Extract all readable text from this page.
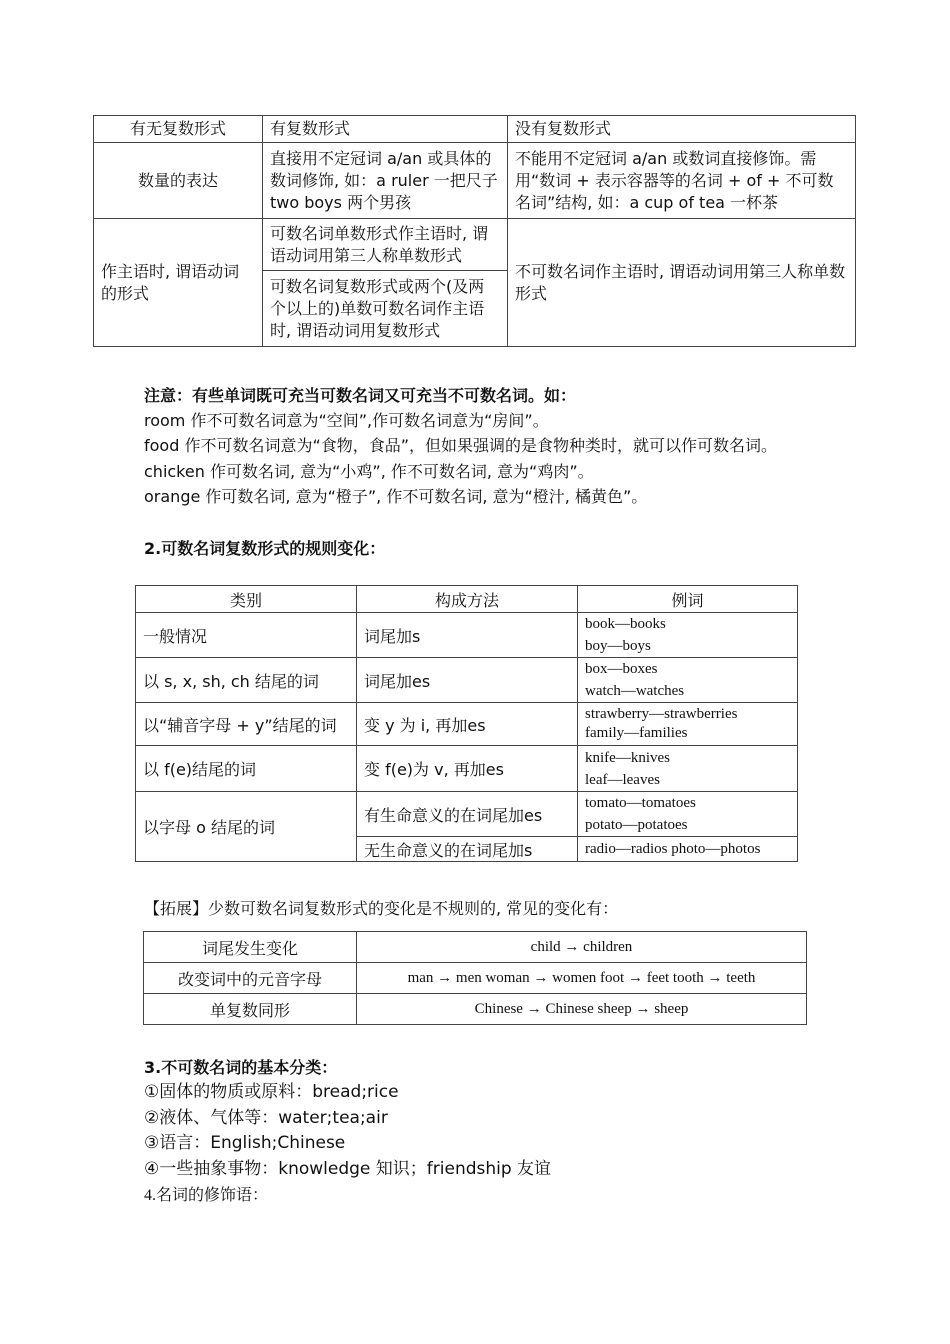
有无复数形式	有复数形式	没有复数形式
数量的表达	直接用不定冠词 a/an 或具体的数词修饰, 如：a ruler 一把尺子 two boys 两个男孩	不能用不定冠词 a/an 或数词直接修饰。需用“数词 + 表示容器等的名词 + of + 不可数名词”结构, 如：a cup of tea 一杯茶
作主语时, 谓语动词的形式	可数名词单数形式作主语时, 谓语动词用第三人称单数形式	不可数名词作主语时, 谓语动词用第三人称单数形式
	可数名词复数形式或两个(及两个以上的)单数可数名词作主语时, 谓语动词用复数形式	
注意：有些单词既可充当可数名词又可充当不可数名词。如：
room 作不可数名词意为“空间”,作可数名词意为“房间”。
food 作不可数名词意为“食物，食品”，但如果强调的是食物种类时，就可以作可数名词。
chicken 作可数名词, 意为“小鸡”, 作不可数名词, 意为“鸡肉”。
orange 作可数名词, 意为“橙子”, 作不可数名词, 意为“橙汁, 橘黄色”。
2.可数名词复数形式的规则变化：
类别	构成方法	例词
一般情况	词尾加s	book—books
boy—boys

以 s, x, sh, ch 结尾的词	词尾加es	box—boxes
watch—watches

以“辅音字母 + y”结尾的词	变 y 为 i, 再加es	strawberry—strawberries
family—families

以 f(e)结尾的词	变 f(e)为 v, 再加es	knife—knives
leaf—leaves

以字母 o 结尾的词	有生命意义的在词尾加es	tomato—tomatoes
potato—potatoes

	无生命意义的在词尾加s	radio—radios photo—photos
【拓展】少数可数名词复数形式的变化是不规则的, 常见的变化有：
词尾发生变化	child → children
改变词中的元音字母	man → men woman → women foot → feet tooth → teeth
单复数同形	Chinese → Chinese sheep → sheep
3.不可数名词的基本分类：
①固体的物质或原料：bread;rice
②液体、气体等：water;tea;air
③语言：English;Chinese
④一些抽象事物：knowledge 知识；friendship 友谊
4.名词的修饰语：
